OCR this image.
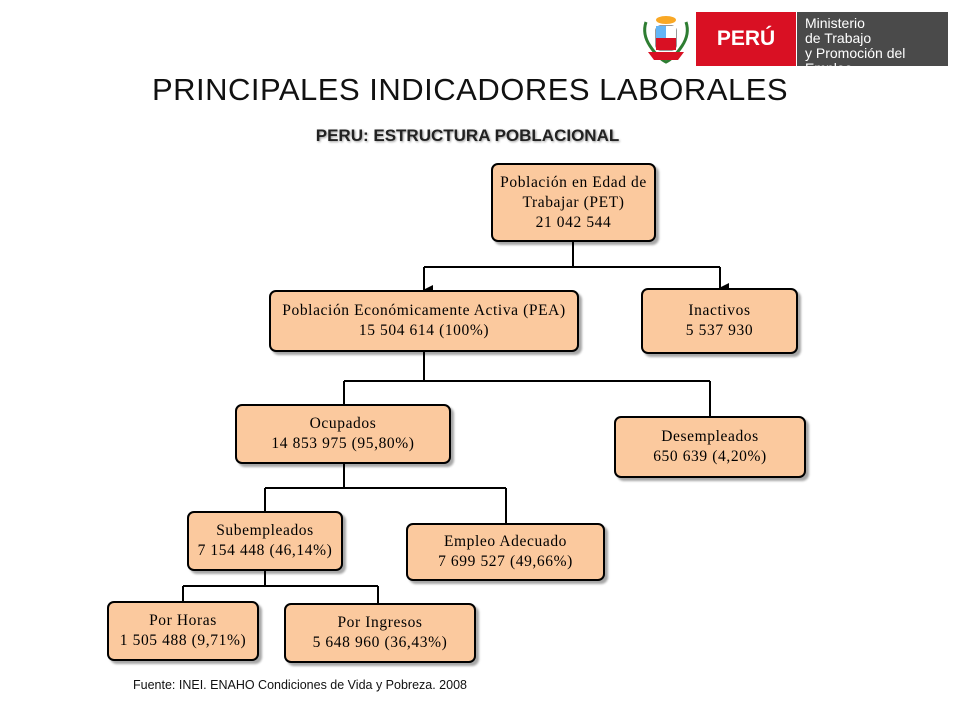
PERÚ
Ministerio
de Trabajo
y Promoción del Empleo
PRINCIPALES INDICADORES LABORALES
PERU: ESTRUCTURA POBLACIONAL
Población en Edad de
Trabajar (PET)
21 042 544
Población Económicamente Activa (PEA)
15 504 614 (100%)
Inactivos
5 537 930
Ocupados
14 853 975 (95,80%)	Desempleados
650 639 (4,20%)
Subempleados
7 154 448 (46,14%)
Empleo Adecuado
7 699 527 (49,66%)
Por Horas
1 505 488 (9,71%)
Por Ingresos
5 648 960 (36,43%)
Fuente: INEI. ENAHO Condiciones de Vida y Pobreza. 2008
